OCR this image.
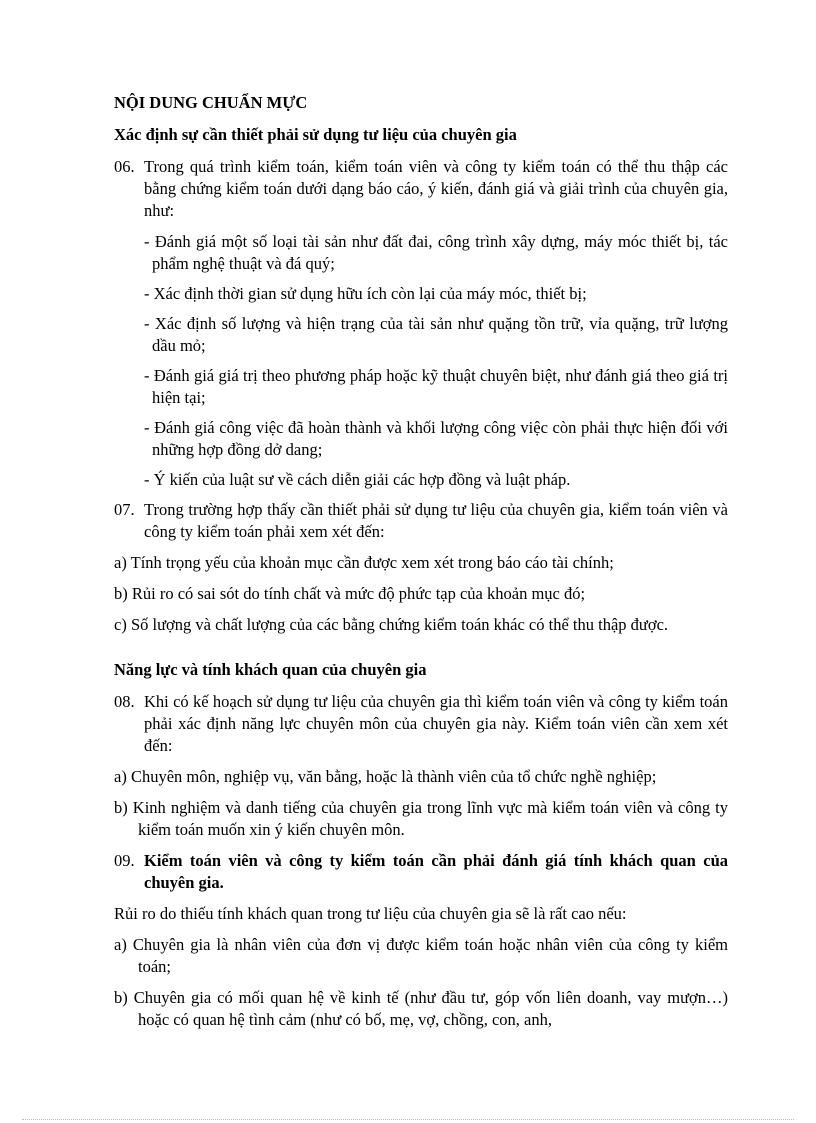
NỘI DUNG CHUẨN MỰC
Xác định sự cần thiết phải sử dụng tư liệu của chuyên gia
06. Trong quá trình kiểm toán, kiểm toán viên và công ty kiểm toán có thể thu thập các bằng chứng kiểm toán dưới dạng báo cáo, ý kiến, đánh giá và giải trình của chuyên gia, như:
- Đánh giá một số loại tài sản như đất đai, công trình xây dựng, máy móc thiết bị, tác phẩm nghệ thuật và đá quý;
- Xác định thời gian sử dụng hữu ích còn lại của máy móc, thiết bị;
- Xác định số lượng và hiện trạng của tài sản như quặng tồn trữ, vỉa quặng, trữ lượng dầu mỏ;
- Đánh giá giá trị theo phương pháp hoặc kỹ thuật chuyên biệt, như đánh giá theo giá trị hiện tại;
- Đánh giá công việc đã hoàn thành và khối lượng công việc còn phải thực hiện đối với những hợp đồng dở dang;
- Ý kiến của luật sư về cách diễn giải các hợp đồng và luật pháp.
07. Trong trường hợp thấy cần thiết phải sử dụng tư liệu của chuyên gia, kiểm toán viên và công ty kiểm toán phải xem xét đến:
a) Tính trọng yếu của khoản mục cần được xem xét trong báo cáo tài chính;
b) Rủi ro có sai sót do tính chất và mức độ phức tạp của khoản mục đó;
c) Số lượng và chất lượng của các bằng chứng kiểm toán khác có thể thu thập được.
Năng lực và tính khách quan của chuyên gia
08. Khi có kế hoạch sử dụng tư liệu của chuyên gia thì kiểm toán viên và công ty kiểm toán phải xác định năng lực chuyên môn của chuyên gia này. Kiểm toán viên cần xem xét đến:
a) Chuyên môn, nghiệp vụ, văn bằng, hoặc là thành viên của tổ chức nghề nghiệp;
b) Kinh nghiệm và danh tiếng của chuyên gia trong lĩnh vực mà kiểm toán viên và công ty kiểm toán muốn xin ý kiến chuyên môn.
09. Kiểm toán viên và công ty kiểm toán cần phải đánh giá tính khách quan của chuyên gia.
Rủi ro do thiếu tính khách quan trong tư liệu của chuyên gia sẽ là rất cao nếu:
a) Chuyên gia là nhân viên của đơn vị được kiểm toán hoặc nhân viên của công ty kiểm toán;
b) Chuyên gia có mối quan hệ về kinh tế (như đầu tư, góp vốn liên doanh, vay mượn…) hoặc có quan hệ tình cảm (như có bố, mẹ, vợ, chồng, con, anh,
